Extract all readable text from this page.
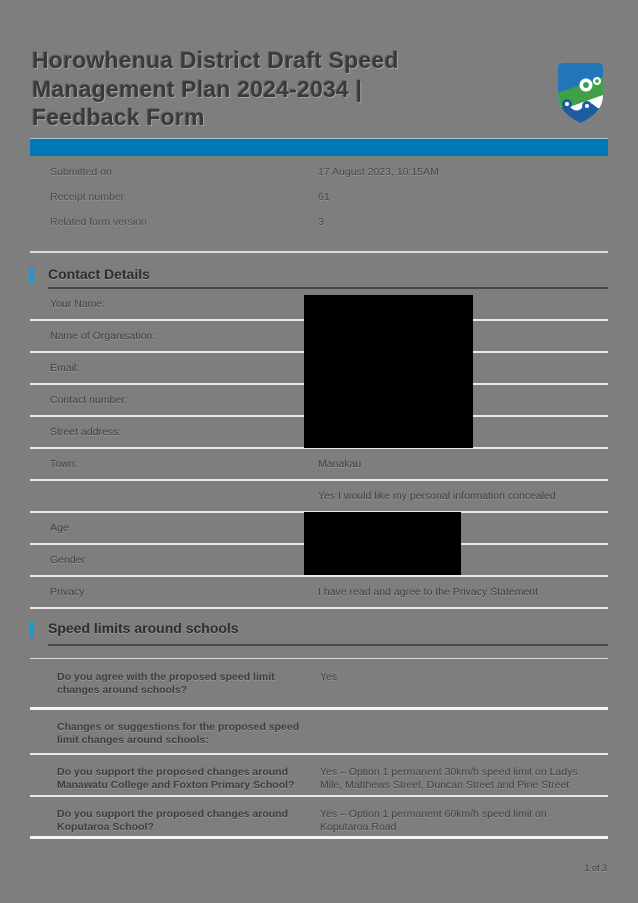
Horowhenua District Draft Speed Management Plan 2024-2034 | Feedback Form
Submitted on	17 August 2023, 10:15AM
Receipt number	61
Related form version	3
Contact Details
Your Name:
Name of Organisation:
Email:
Contact number:
Street address:
Town:	Manakau
Yes I would like my personal information concealed
Age
Gender
Privacy	I have read and agree to the Privacy Statement
Speed limits around schools
Do you agree with the proposed speed limit changes around schools?
Yes
Changes or suggestions for the proposed speed limit changes around schools:
Do you support the proposed changes around Manawatu College and Foxton Primary School?
Yes – Option 1 permanent 30km/h speed limit on Ladys Mile, Matthews Street, Duncan Street and Pine Street
Do you support the proposed changes around Koputaroa School?
Yes – Option 1 permanent 60km/h speed limit on Koputaroa Road
1 of 3
